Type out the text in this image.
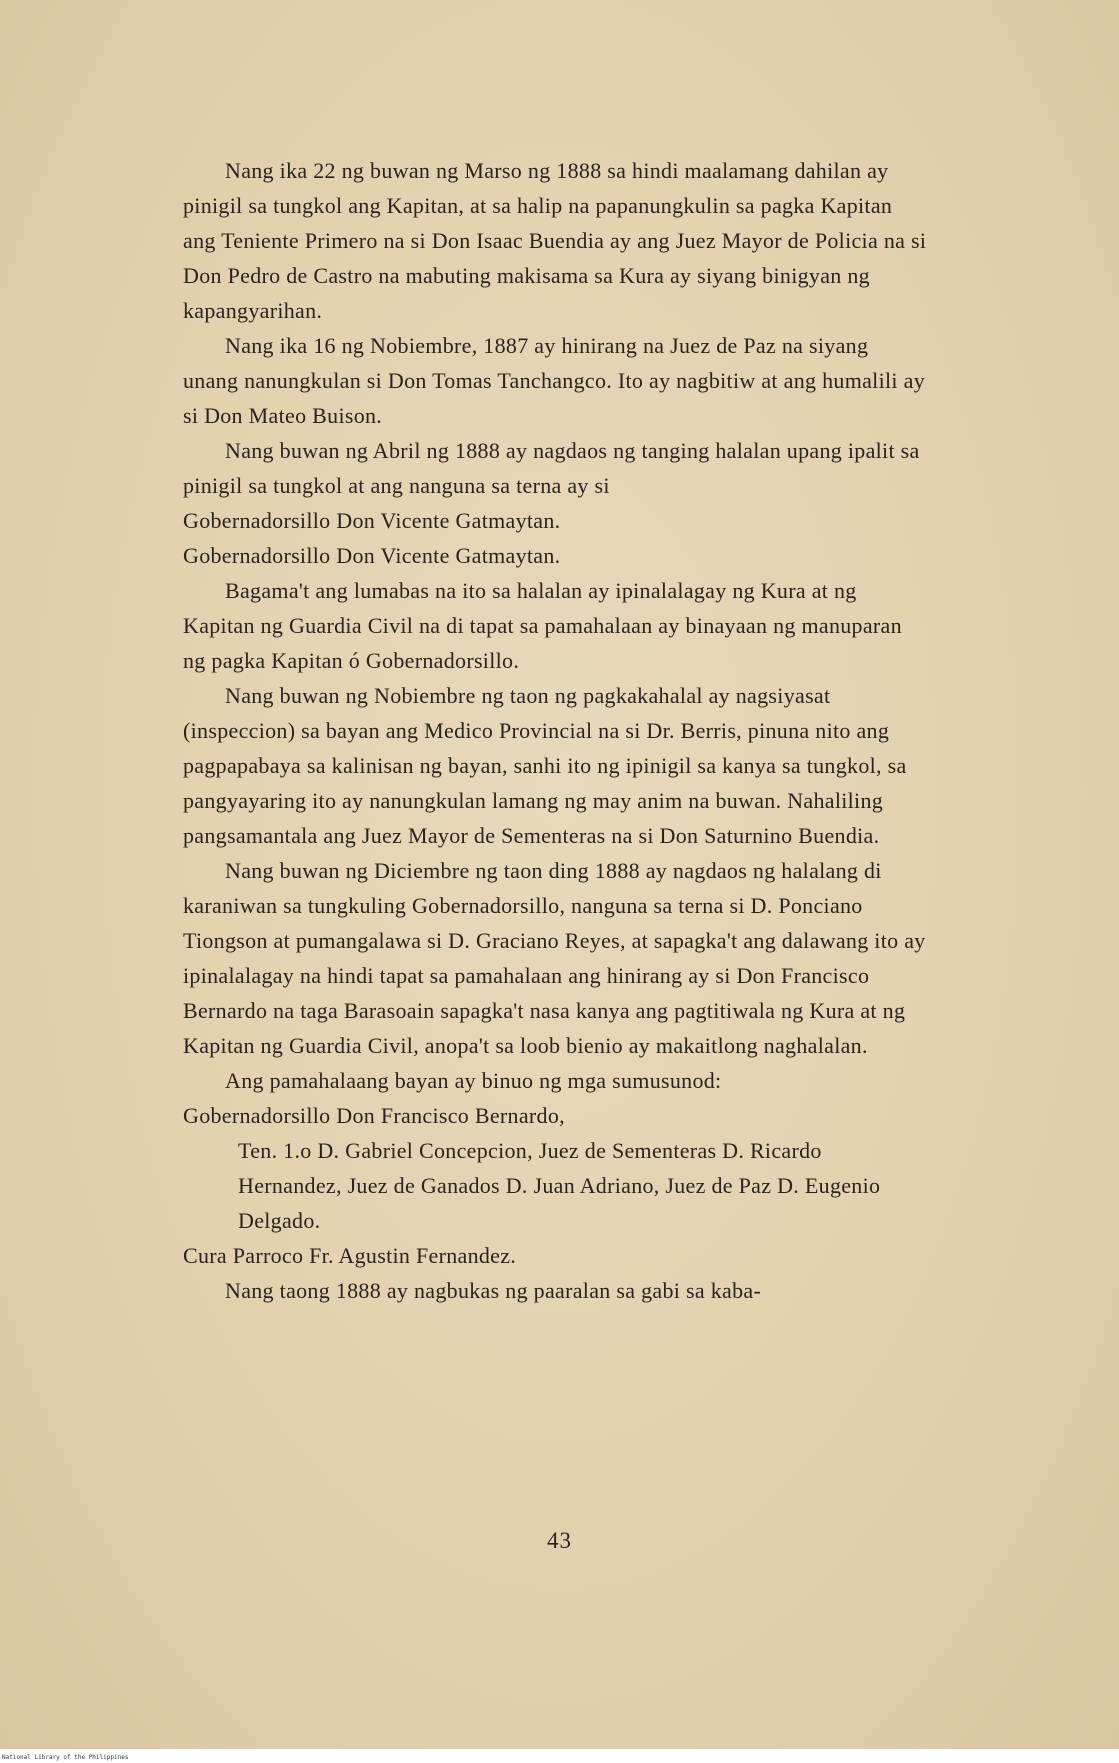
Nang ika 22 ng buwan ng Marso ng 1888 sa hindi maalamang dahilan ay pinigil sa tungkol ang Kapitan, at sa halip na papanungkulin sa pagka Kapitan ang Teniente Primero na si Don Isaac Buendia ay ang Juez Mayor de Policia na si Don Pedro de Castro na mabuting makisama sa Kura ay siyang binigyan ng kapangyarihan.

Nang ika 16 ng Nobiembre, 1887 ay hinirang na Juez de Paz na siyang unang nanungkulan si Don Tomas Tanchangco. Ito ay nagbitiw at ang humalili ay si Don Mateo Buison.

Nang buwan ng Abril ng 1888 ay nagdaos ng tanging halalan upang ipalit sa pinigil sa tungkol at ang nanguna sa terna ay si

Gobernadorsillo Don Vicente Gatmaytan.

Gobernadorsillo Don Vicente Gatmaytan.

Bagama't ang lumabas na ito sa halalan ay ipinalalagay ng Kura at ng Kapitan ng Guardia Civil na di tapat sa pamahalaan ay binayaan ng manuparan ng pagka Kapitan ó Gobernadorsillo.

Nang buwan ng Nobiembre ng taon ng pagkakahalal ay nagsiyasat (inspeccion) sa bayan ang Medico Provincial na si Dr. Berris, pinuna nito ang pagpapabaya sa kalinisan ng bayan, sanhi ito ng ipinigil sa kanya sa tungkol, sa pangyayaring ito ay nanungkulan lamang ng may anim na buwan. Nahaliling pangsamantala ang Juez Mayor de Sementeras na si Don Saturnino Buendia.

Nang buwan ng Diciembre ng taon ding 1888 ay nagdaos ng halalang di karaniwan sa tungkuling Gobernadorsillo, nanguna sa terna si D. Ponciano Tiongson at pumangalawa si D. Graciano Reyes, at sapagka't ang dalawang ito ay ipinalalagay na hindi tapat sa pamahalaan ang hinirang ay si Don Francisco Bernardo na taga Barasoain sapagka't nasa kanya ang pagtitiwala ng Kura at ng Kapitan ng Guardia Civil, anopa't sa loob bienio ay makaitlong naghalalan.

Ang pamahalaang bayan ay binuo ng mga sumusunod:

Gobernadorsillo Don Francisco Bernardo,

Ten. 1.o D. Gabriel Concepcion, Juez de Sementeras D. Ricardo Hernandez, Juez de Ganados D. Juan Adriano, Juez de Paz D. Eugenio Delgado.

Cura Parroco Fr. Agustin Fernandez.

Nang taong 1888 ay nagbukas ng paaralan sa gabi sa kaba-

43
National Library of the Philippines
